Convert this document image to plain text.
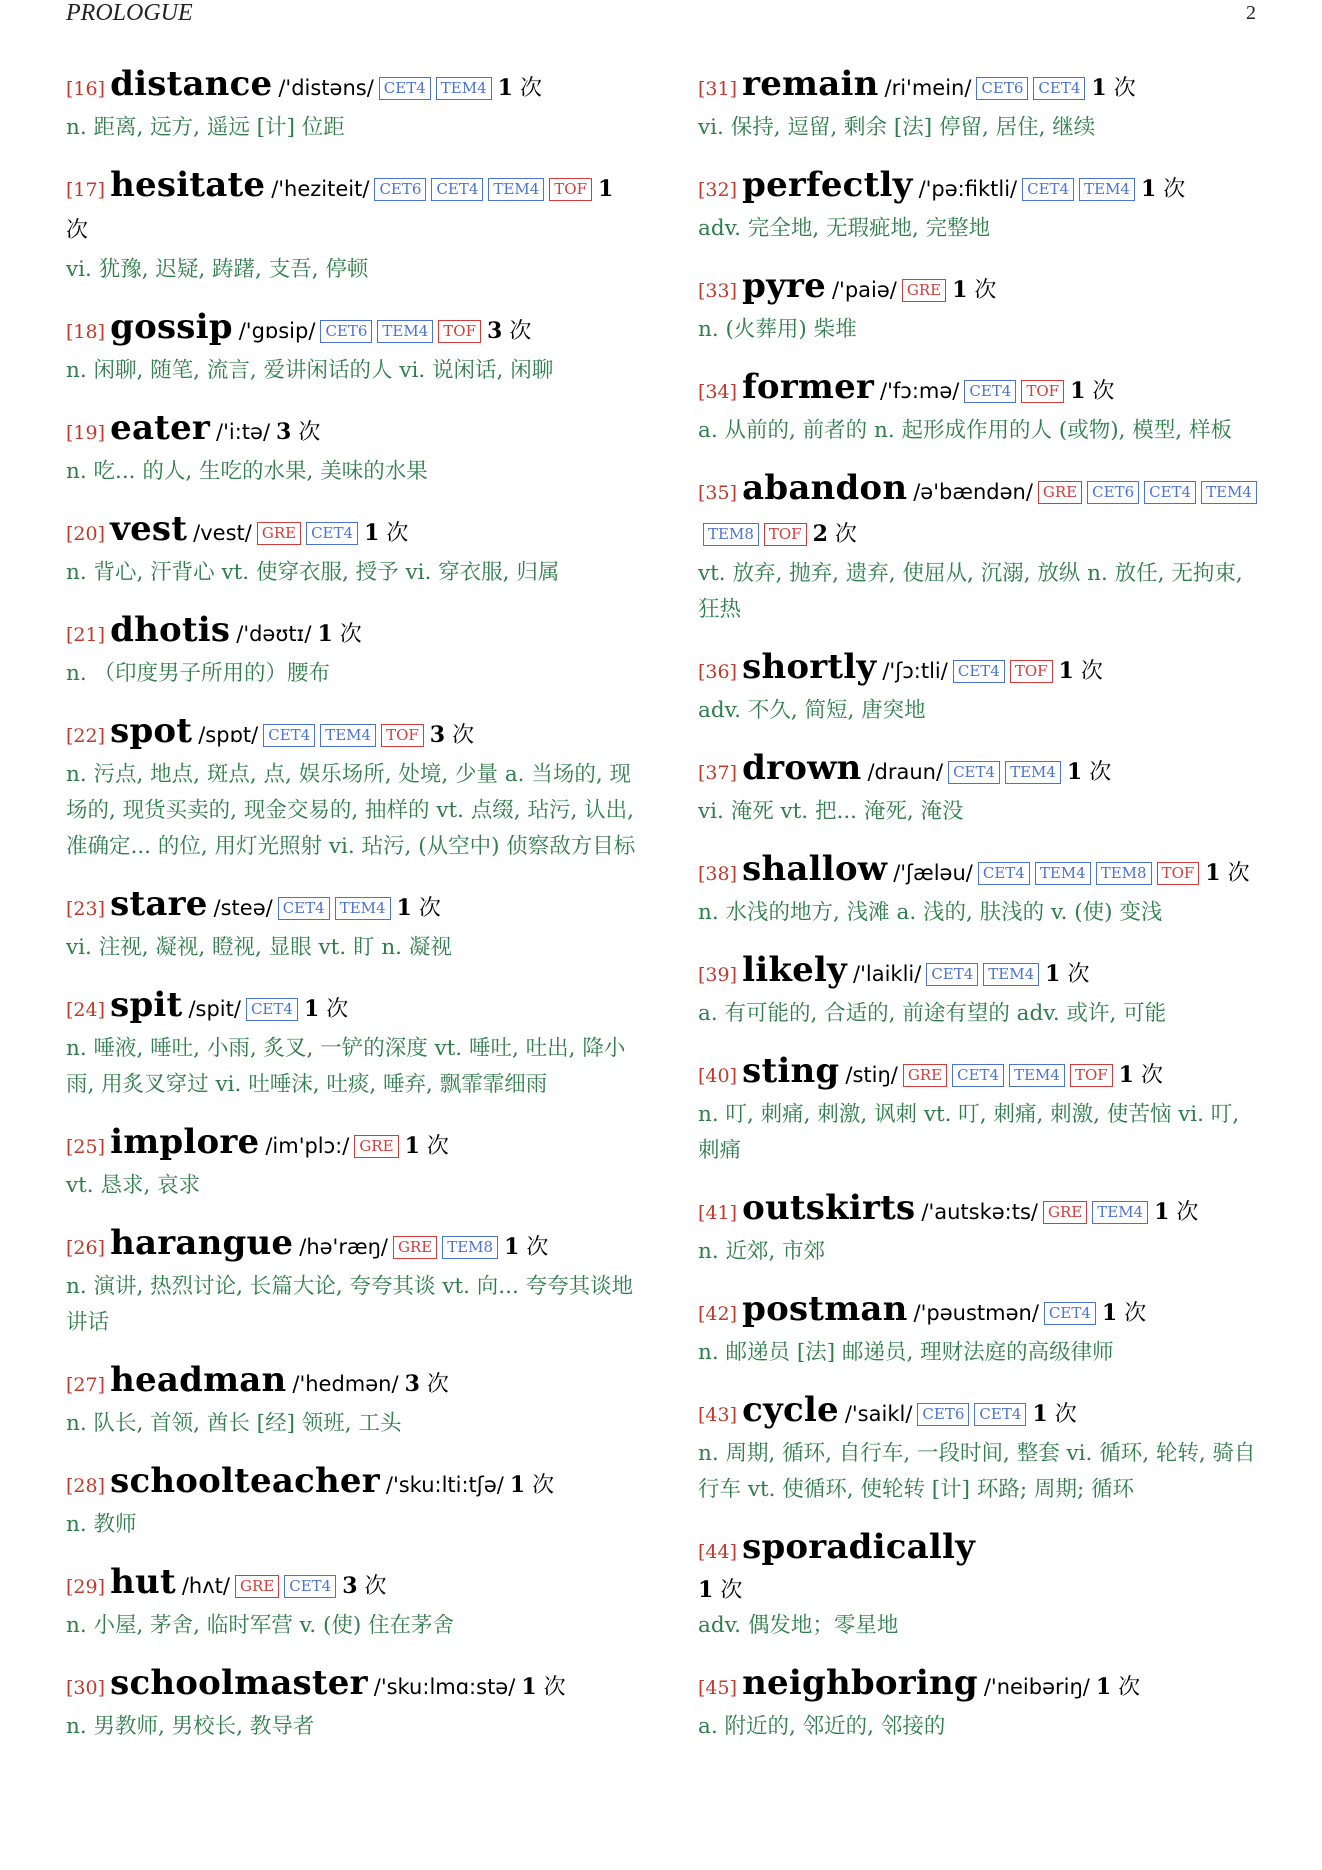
PROLOGUE	2
[16] distance /'distəns/ CET4 TEM4 1 次
n. 距离, 远方, 遥远 [计] 位距
[17] hesitate /'heziteit/ CET6 CET4 TEM4 TOF 1 次
vi. 犹豫, 迟疑, 踌躇, 支吾, 停顿
[18] gossip /'gɒsip/ CET6 TEM4 TOF 3 次
n. 闲聊, 随笔, 流言, 爱讲闲话的人 vi. 说闲话, 闲聊
[19] eater /'i:tə/ 3 次
n. 吃... 的人, 生吃的水果, 美味的水果
[20] vest /vest/ GRE CET4 1 次
n. 背心, 汗背心 vt. 使穿衣服, 授予 vi. 穿衣服, 归属
[21] dhotis /'dəʊtɪ/ 1 次
n. （印度男子所用的）腰布
[22] spot /spɒt/ CET4 TEM4 TOF 3 次
n. 污点, 地点, 斑点, 点, 娱乐场所, 处境, 少量 a. 当场的, 现场的, 现货买卖的, 现金交易的, 抽样的 vt. 点缀, 玷污, 认出, 准确定... 的位, 用灯光照射 vi. 玷污, (从空中) 侦察敌方目标
[23] stare /steə/ CET4 TEM4 1 次
vi. 注视, 凝视, 瞪视, 显眼 vt. 盯 n. 凝视
[24] spit /spit/ CET4 1 次
n. 唾液, 唾吐, 小雨, 炙叉, 一铲的深度 vt. 唾吐, 吐出, 降小雨, 用炙叉穿过 vi. 吐唾沫, 吐痰, 唾弃, 飘霏霏细雨
[25] implore /im'plɔ:/ GRE 1 次
vt. 恳求, 哀求
[26] harangue /hə'ræŋ/ GRE TEM8 1 次
n. 演讲, 热烈讨论, 长篇大论, 夸夸其谈 vt. 向... 夸夸其谈地讲话
[27] headman /'hedmən/ 3 次
n. 队长, 首领, 酋长 [经] 领班, 工头
[28] schoolteacher /'sku:lti:tʃə/ 1 次
n. 教师
[29] hut /hʌt/ GRE CET4 3 次
n. 小屋, 茅舍, 临时军营 v. (使) 住在茅舍
[30] schoolmaster /'sku:lmɑ:stə/ 1 次
n. 男教师, 男校长, 教导者
[31] remain /ri'mein/ CET6 CET4 1 次
vi. 保持, 逗留, 剩余 [法] 停留, 居住, 继续
[32] perfectly /'pə:fiktli/ CET4 TEM4 1 次
adv. 完全地, 无瑕疵地, 完整地
[33] pyre /'paiə/ GRE 1 次
n. (火葬用) 柴堆
[34] former /'fɔ:mə/ CET4 TOF 1 次
a. 从前的, 前者的 n. 起形成作用的人 (或物), 模型, 样板
[35] abandon /ə'bændən/ GRE CET6 CET4 TEM4TEM8 TOF 2 次
vt. 放弃, 抛弃, 遗弃, 使屈从, 沉溺, 放纵 n. 放任, 无拘束, 狂热
[36] shortly /'ʃɔ:tli/ CET4 TOF 1 次
adv. 不久, 简短, 唐突地
[37] drown /draun/ CET4 TEM4 1 次
vi. 淹死 vt. 把... 淹死, 淹没
[38] shallow /'ʃæləu/ CET4 TEM4 TEM8 TOF 1 次
n. 水浅的地方, 浅滩 a. 浅的, 肤浅的 v. (使) 变浅
[39] likely /'laikli/ CET4 TEM4 1 次
a. 有可能的, 合适的, 前途有望的 adv. 或许, 可能
[40] sting /stiŋ/ GRE CET4 TEM4 TOF 1 次
n. 叮, 刺痛, 刺激, 讽刺 vt. 叮, 刺痛, 刺激, 使苦恼 vi. 叮, 刺痛
[41] outskirts /'autskə:ts/ GRE TEM4 1 次
n. 近郊, 市郊
[42] postman /'pəustmən/ CET4 1 次
n. 邮递员 [法] 邮递员, 理财法庭的高级律师
[43] cycle /'saikl/ CET6 CET4 1 次
n. 周期, 循环, 自行车, 一段时间, 整套 vi. 循环, 轮转, 骑自行车 vt. 使循环, 使轮转 [计] 环路; 周期; 循环
[44] sporadically
1 次
adv. 偶发地；零星地
[45] neighboring /'neibəriŋ/ 1 次
a. 附近的, 邻近的, 邻接的
